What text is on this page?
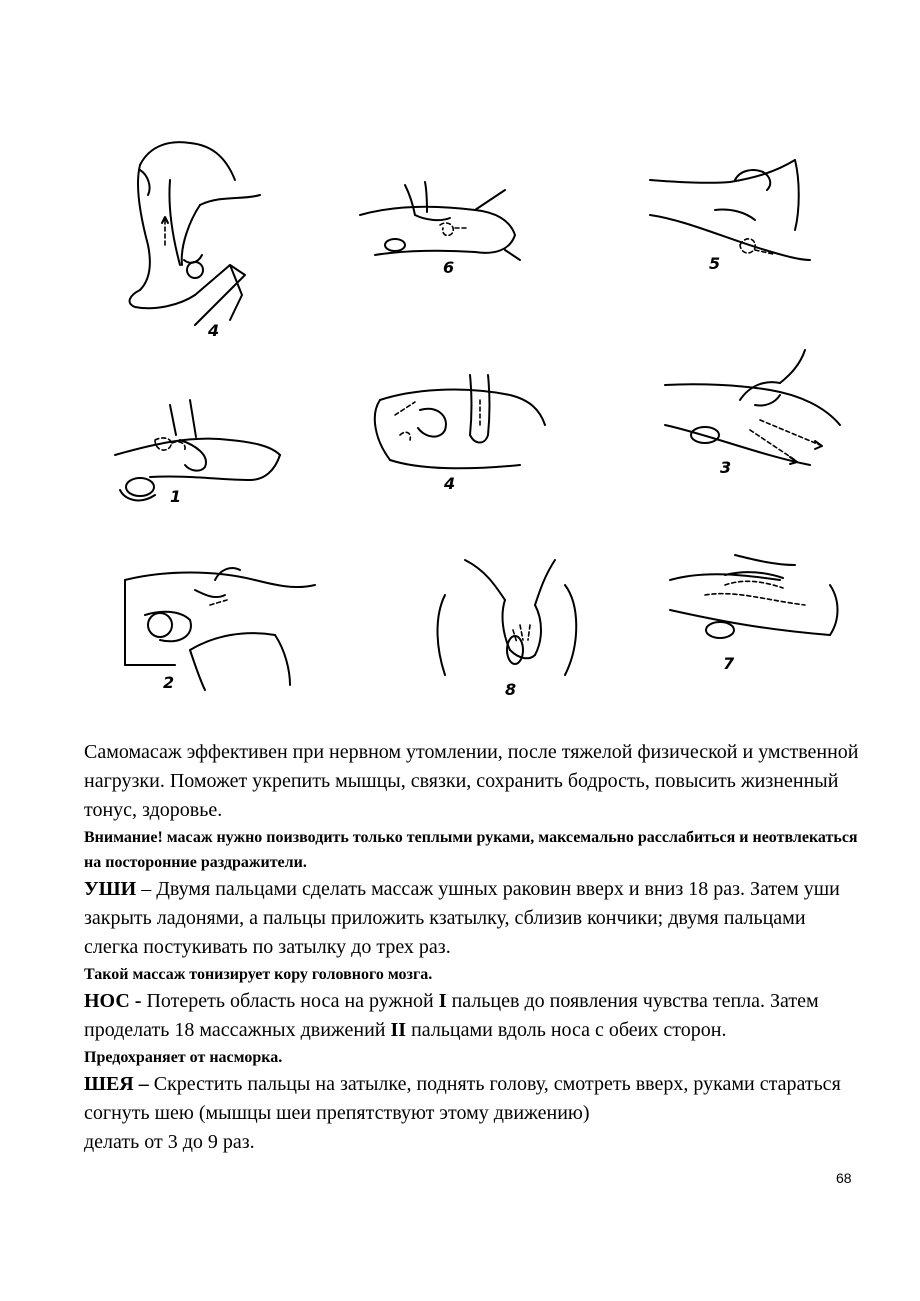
4
6	5
1
4
3
2	8
7

Самомасаж эффективен при нервном утомлении, после тяжелой физической и умственной нагрузки. Поможет укрепить мышцы, связки, сохранить бодрость, повысить жизненный тонус, здоровье.

Внимание! масаж нужно поизводить только теплыми руками, максемально расслабиться и неотвлекаться на посторонние раздражители.

УШИ – Двумя пальцами сделать массаж ушных раковин вверх и вниз 18 раз. Затем уши закрыть ладонями, а пальцы приложить кзатылку, сблизив кончики; двумя пальцами слегка постукивать по затылку до трех раз.

Такой массаж тонизирует кору головного мозга.

НОС - Потереть область носа на ружной I пальцев до появления чувства тепла. Затем проделать 18 массажных движений II пальцами вдоль носа с обеих сторон.

Предохраняет от насморка.

ШЕЯ – Скрестить пальцы на затылке, поднять голову, смотреть вверх, руками стараться согнуть шею (мышцы шеи препятствуют этому движению)

делать от 3 до 9 раз.

68
